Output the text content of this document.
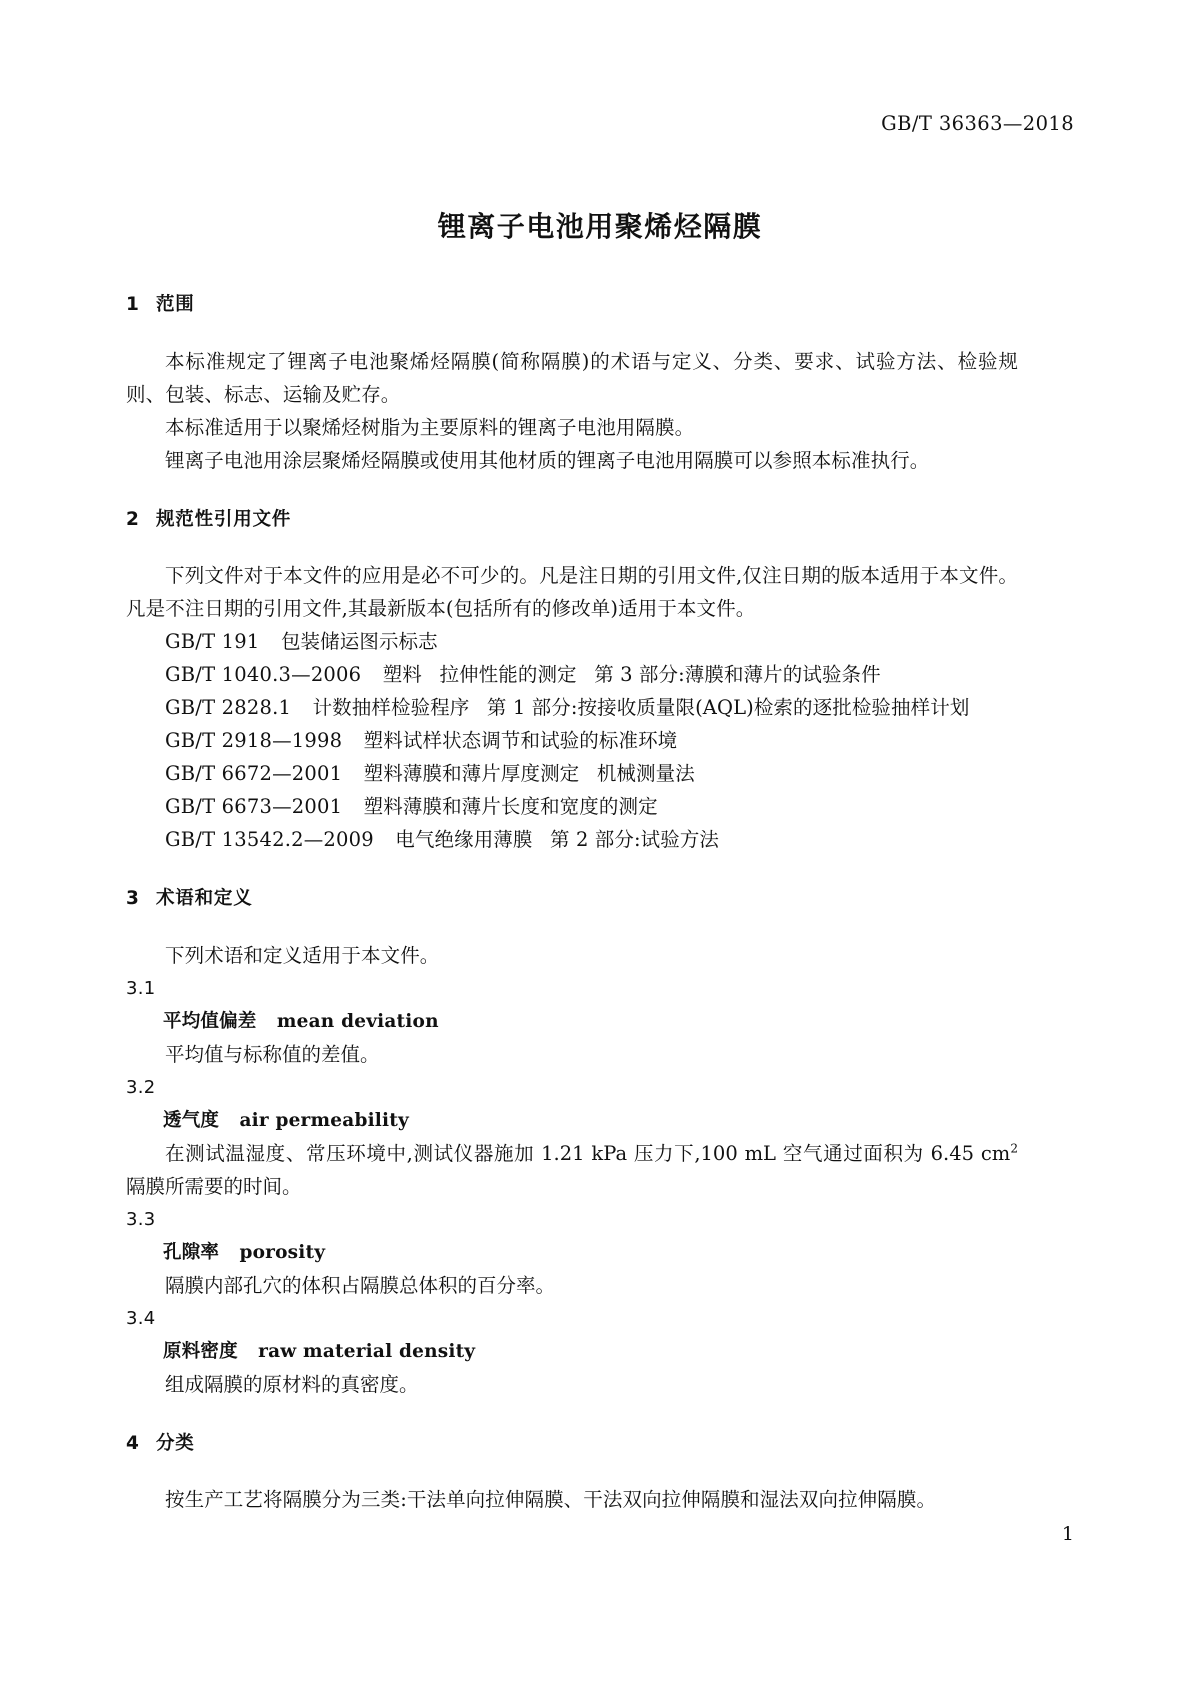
GB/T 36363—2018
锂离子电池用聚烯烃隔膜
1 范围

本标准规定了锂离子电池聚烯烃隔膜(简称隔膜)的术语与定义、分类、要求、试验方法、检验规则、包装、标志、运输及贮存。

本标准适用于以聚烯烃树脂为主要原料的锂离子电池用隔膜。

锂离子电池用涂层聚烯烃隔膜或使用其他材质的锂离子电池用隔膜可以参照本标准执行。

2 规范性引用文件

下列文件对于本文件的应用是必不可少的。凡是注日期的引用文件,仅注日期的版本适用于本文件。凡是不注日期的引用文件,其最新版本(包括所有的修改单)适用于本文件。

GB/T 191 包装储运图示标志
GB/T 1040.3—2006 塑料 拉伸性能的测定 第 3 部分:薄膜和薄片的试验条件
GB/T 2828.1 计数抽样检验程序 第 1 部分:按接收质量限(AQL)检索的逐批检验抽样计划
GB/T 2918—1998 塑料试样状态调节和试验的标准环境
GB/T 6672—2001 塑料薄膜和薄片厚度测定 机械测量法
GB/T 6673—2001 塑料薄膜和薄片长度和宽度的测定
GB/T 13542.2—2009 电气绝缘用薄膜 第 2 部分:试验方法
3 术语和定义

下列术语和定义适用于本文件。

3.1
平均值偏差 mean deviation
平均值与标称值的差值。
3.2
透气度 air permeability
在测试温湿度、常压环境中,测试仪器施加 1.21 kPa 压力下,100 mL 空气通过面积为 6.45 $cm^2$ 隔膜所需要的时间。
3.3
孔隙率 porosity
隔膜内部孔穴的体积占隔膜总体积的百分率。
3.4
原料密度 raw material density
组成隔膜的原材料的真密度。
4 分类

按生产工艺将隔膜分为三类:干法单向拉伸隔膜、干法双向拉伸隔膜和湿法双向拉伸隔膜。

1
